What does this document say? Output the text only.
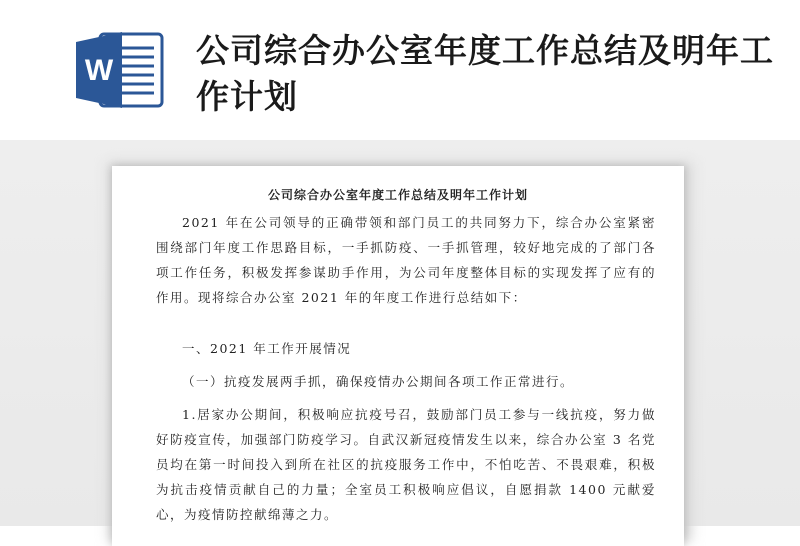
W
公司综合办公室年度工作总结及明年工作计划
公司综合办公室年度工作总结及明年工作计划
2021 年在公司领导的正确带领和部门员工的共同努力下，综合办公室紧密围绕部门年度工作思路目标，一手抓防疫、一手抓管理，较好地完成的了部门各项工作任务，积极发挥参谋助手作用，为公司年度整体目标的实现发挥了应有的作用。现将综合办公室 2021 年的年度工作进行总结如下：
一、2021 年工作开展情况
（一）抗疫发展两手抓，确保疫情办公期间各项工作正常进行。
1.居家办公期间，积极响应抗疫号召，鼓励部门员工参与一线抗疫，努力做好防疫宣传，加强部门防疫学习。自武汉新冠疫情发生以来，综合办公室 3 名党员均在第一时间投入到所在社区的抗疫服务工作中，不怕吃苦、不畏艰难，积极为抗击疫情贡献自己的力量；全室员工积极响应倡议，自愿捐款 1400 元献爱心，为疫情防控献绵薄之力。
